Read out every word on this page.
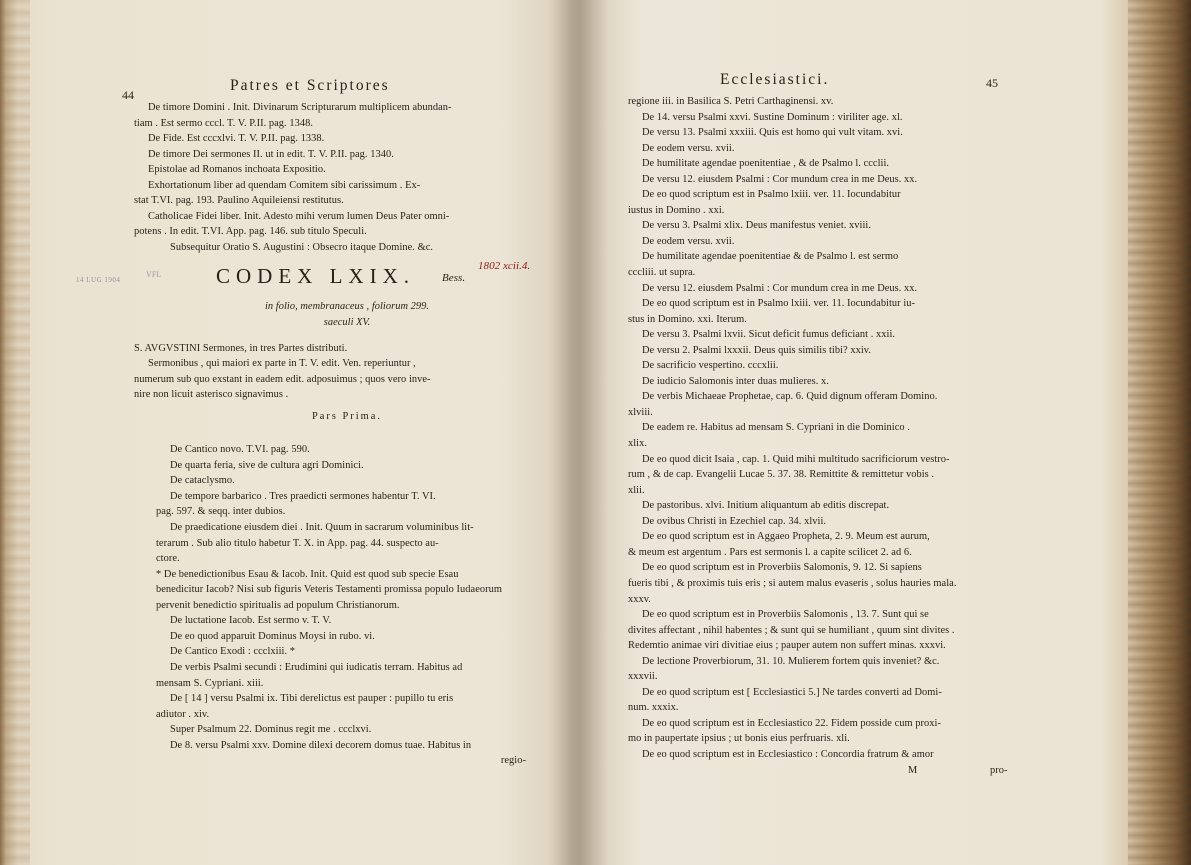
44
Patres et Scriptores
De timore Domini . Init. Divinarum Scripturarum multiplicem abundan-
tiam . Est sermo cccl. T. V. P.II. pag. 1348.
De Fide. Est cccxlvi. T. V. P.II. pag. 1338.
De timore Dei sermones II. ut in edit. T. V. P.II. pag. 1340.
Epistolae ad Romanos inchoata Expositio.
Exhortationum liber ad quendam Comitem sibi carissimum . Ex-
stat T.VI. pag. 193. Paulino Aquileiensi restitutus.
Catholicae Fidei liber. Init. Adesto mihi verum lumen Deus Pater omni-
potens . In edit. T.VI. App. pag. 146. sub titulo Speculi.
Subsequitur Oratio S. Augustini : Obsecro itaque Domine. &c.
14 LUG 1904
VFL	CODEX LXIX. Bess.
1802 xcii.4.
in folio, membranaceus , foliorum 299.
saeculi XV.
S. AVGVSTINI Sermones, in tres Partes distributi.
Sermonibus , qui maiori ex parte in T. V. edit. Ven. reperiuntur ,
numerum sub quo exstant in eadem edit. adposuimus ; quos vero inve-
nire non licuit asterisco signavimus .
Pars Prima.
De Cantico novo. T.VI. pag. 590.
De quarta feria, sive de cultura agri Dominici.
De cataclysmo.
De tempore barbarico . Tres praedicti sermones habentur T. VI.
pag. 597. & seqq. inter dubios.
De praedicatione eiusdem diei . Init. Quum in sacrarum voluminibus lit-
terarum . Sub alio titulo habetur T. X. in App. pag. 44. suspecto au-
ctore.
* De benedictionibus Esau & Iacob. Init. Quid est quod sub specie Esau
benedicitur Iacob? Nisi sub figuris Veteris Testamenti promissa populo Iudaeorum
pervenit benedictio spiritualis ad populum Christianorum.
De luctatione Iacob. Est sermo v. T. V.
De eo quod apparuit Dominus Moysi in rubo. vi.
De Cantico Exodi : ccclxiii. *
De verbis Psalmi secundi : Erudimini qui iudicatis terram. Habitus ad
mensam S. Cypriani. xiii.
De [ 14 ] versu Psalmi ix. Tibi derelictus est pauper : pupillo tu eris
adiutor . xiv.
Super Psalmum 22. Dominus regit me . ccclxvi.
De 8. versu Psalmi xxv. Domine dilexi decorem domus tuae. Habitus in
regio-
Ecclesiastici.	45
regione iii. in Basilica S. Petri Carthaginensi. xv.
De 14. versu Psalmi xxvi. Sustine Dominum : viriliter age. xl.
De versu 13. Psalmi xxxiii. Quis est homo qui vult vitam. xvi.
De eodem versu. xvii.
De humilitate agendae poenitentiae , & de Psalmo l. ccclii.
De versu 12. eiusdem Psalmi : Cor mundum crea in me Deus. xx.
De eo quod scriptum est in Psalmo lxiii. ver. 11. Iocundabitur
iustus in Domino . xxi.
De versu 3. Psalmi xlix. Deus manifestus veniet. xviii.
De eodem versu. xvii.
De humilitate agendae poenitentiae & de Psalmo l. est sermo
cccliii. ut supra.
De versu 12. eiusdem Psalmi : Cor mundum crea in me Deus. xx.
De eo quod scriptum est in Psalmo lxiii. ver. 11. Iocundabitur iu-
stus in Domino. xxi. Iterum.
De versu 3. Psalmi lxvii. Sicut deficit fumus deficiant . xxii.
De versu 2. Psalmi lxxxii. Deus quis similis tibi? xxiv.
De sacrificio vespertino. cccxlii.
De iudicio Salomonis inter duas mulieres. x.
De verbis Michaeae Prophetae, cap. 6. Quid dignum offeram Domino.
xlviii.
De eadem re. Habitus ad mensam S. Cypriani in die Dominico .
xlix.
De eo quod dicit Isaia , cap. 1. Quid mihi multitudo sacrificiorum vestro-
rum , & de cap. Evangelii Lucae 5. 37. 38. Remittite & remittetur vobis .
xlii.
De pastoribus. xlvi. Initium aliquantum ab editis discrepat.
De ovibus Christi in Ezechiel cap. 34. xlvii.
De eo quod scriptum est in Aggaeo Propheta, 2. 9. Meum est aurum,
& meum est argentum . Pars est sermonis l. a capite scilicet 2. ad 6.
De eo quod scriptum est in Proverbiis Salomonis, 9. 12. Si sapiens
fueris tibi , & proximis tuis eris ; si autem malus evaseris , solus hauries mala.
xxxv.
De eo quod scriptum est in Proverbiis Salomonis , 13. 7. Sunt qui se
divites affectant , nihil habentes ; & sunt qui se humiliant , quum sint divites .
Redemtio animae viri divitiae eius ; pauper autem non suffert minas. xxxvi.
De lectione Proverbiorum, 31. 10. Mulierem fortem quis inveniet? &c.
xxxvii.
De eo quod scriptum est [ Ecclesiastici 5.] Ne tardes converti ad Domi-
num. xxxix.
De eo quod scriptum est in Ecclesiastico 22. Fidem posside cum proxi-
mo in paupertate ipsius ; ut bonis eius perfruaris. xli.
De eo quod scriptum est in Ecclesiastico : Concordia fratrum & amor
M	pro-
